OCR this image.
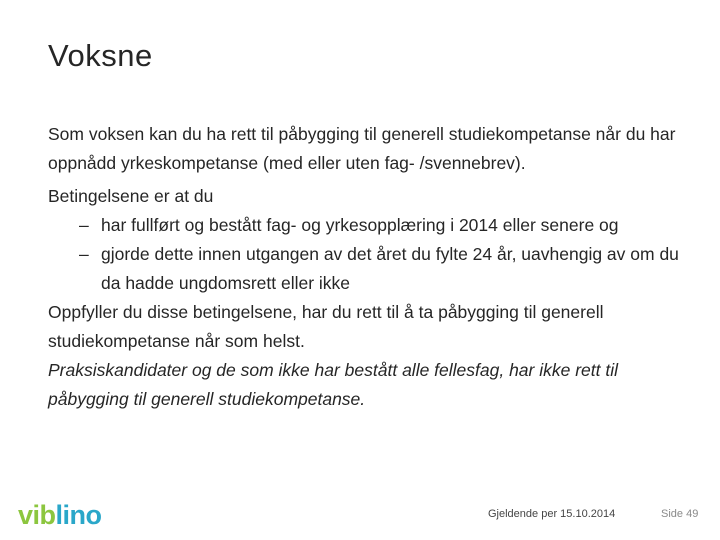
Voksne

Som voksen kan du ha rett til påbygging til generell studiekompetanse når du har oppnådd yrkeskompetanse (med eller uten fag- /svennebrev).

Betingelsene er at du

– har fullført og bestått fag- og yrkesopplæring i 2014 eller senere og
– gjorde dette innen utgangen av det året du fylte 24 år, uavhengig av om du da hadde ungdomsrett eller ikke

Oppfyller du disse betingelsene, har du rett til å ta påbygging til generell studiekompetanse når som helst.

Praksiskandidater og de som ikke har bestått alle fellesfag, har ikke rett til påbygging til generell studiekompetanse.

viblino	Gjeldende per 15.10.2014	Side 49
